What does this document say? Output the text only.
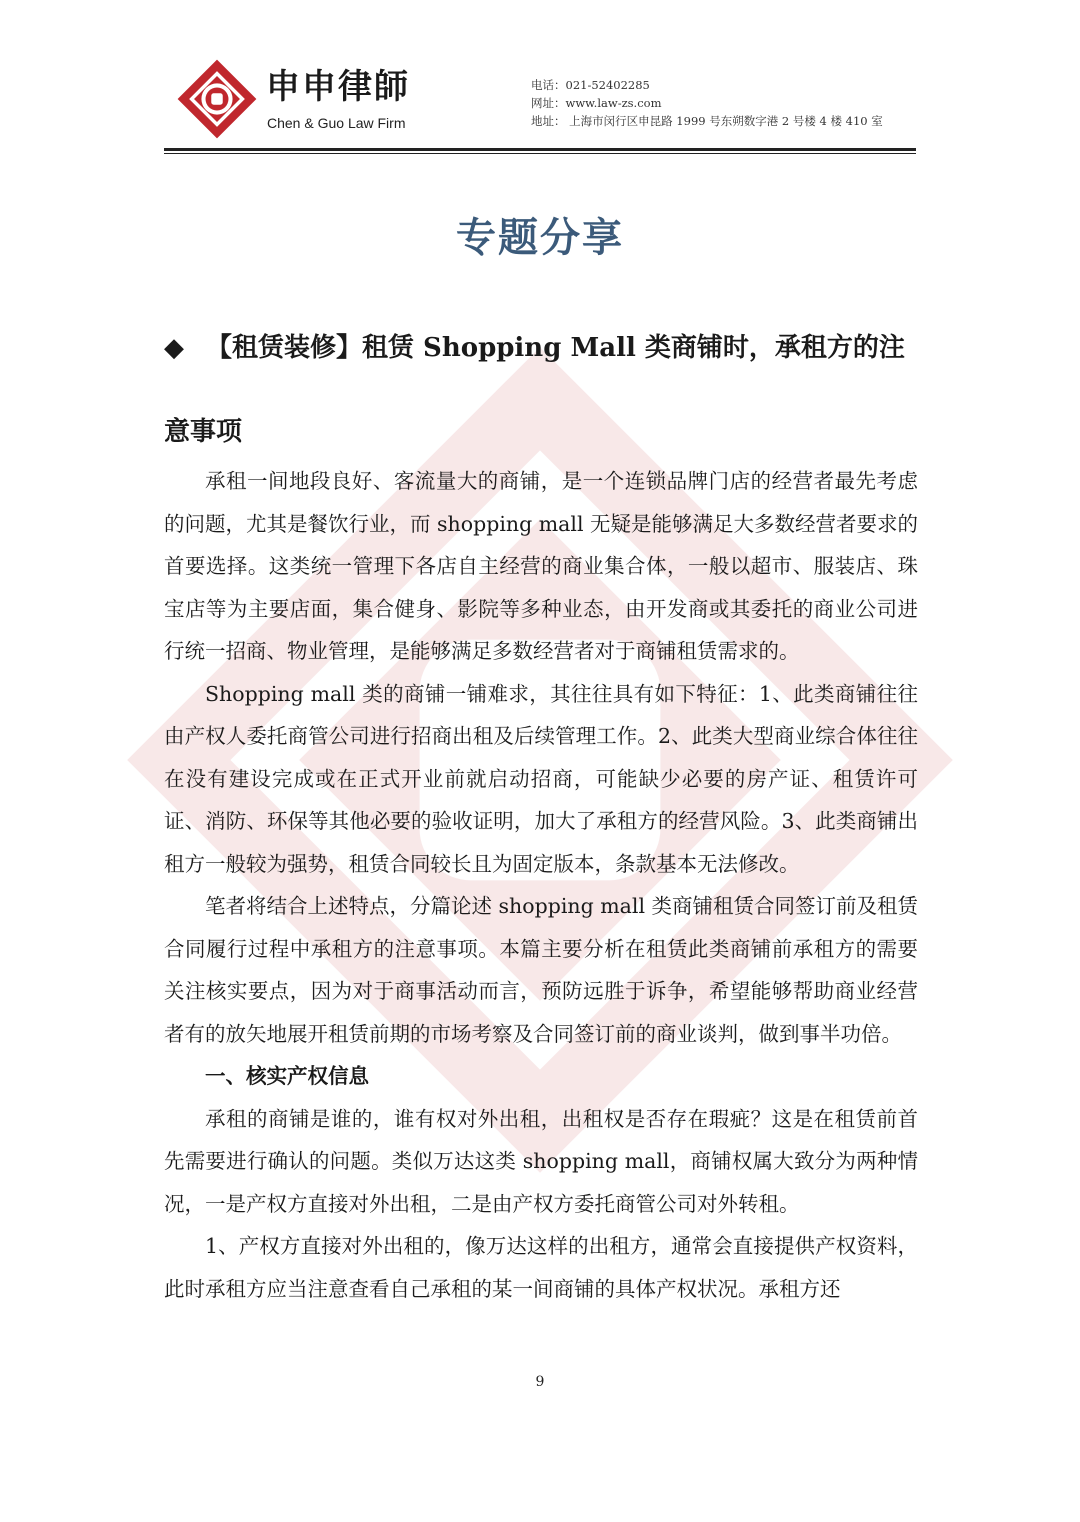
申申律師
Chen & Guo Law Firm
电话：021-52402285
网址：www.law-zs.com
地址： 上海市闵行区申昆路 1999 号东朔数字港 2 号楼 4 楼 410 室
专题分享
◆ 【租赁装修】租赁 Shopping Mall 类商铺时，承租方的注意事项

承租一间地段良好、客流量大的商铺，是一个连锁品牌门店的经营者最先考虑的问题，尤其是餐饮行业，而 shopping mall 无疑是能够满足大多数经营者要求的首要选择。这类统一管理下各店自主经营的商业集合体，一般以超市、服装店、珠宝店等为主要店面，集合健身、影院等多种业态，由开发商或其委托的商业公司进行统一招商、物业管理，是能够满足多数经营者对于商铺租赁需求的。

Shopping mall 类的商铺一铺难求，其往往具有如下特征：1、此类商铺往往由产权人委托商管公司进行招商出租及后续管理工作。2、此类大型商业综合体往往在没有建设完成或在正式开业前就启动招商，可能缺少必要的房产证、租赁许可证、消防、环保等其他必要的验收证明，加大了承租方的经营风险。3、此类商铺出租方一般较为强势，租赁合同较长且为固定版本，条款基本无法修改。

笔者将结合上述特点，分篇论述 shopping mall 类商铺租赁合同签订前及租赁合同履行过程中承租方的注意事项。本篇主要分析在租赁此类商铺前承租方的需要关注核实要点，因为对于商事活动而言，预防远胜于诉争，希望能够帮助商业经营者有的放矢地展开租赁前期的市场考察及合同签订前的商业谈判，做到事半功倍。

一、核实产权信息

承租的商铺是谁的，谁有权对外出租，出租权是否存在瑕疵？这是在租赁前首先需要进行确认的问题。类似万达这类 shopping mall，商铺权属大致分为两种情况，一是产权方直接对外出租，二是由产权方委托商管公司对外转租。

1、产权方直接对外出租的，像万达这样的出租方，通常会直接提供产权资料，此时承租方应当注意查看自己承租的某一间商铺的具体产权状况。承租方还

9
